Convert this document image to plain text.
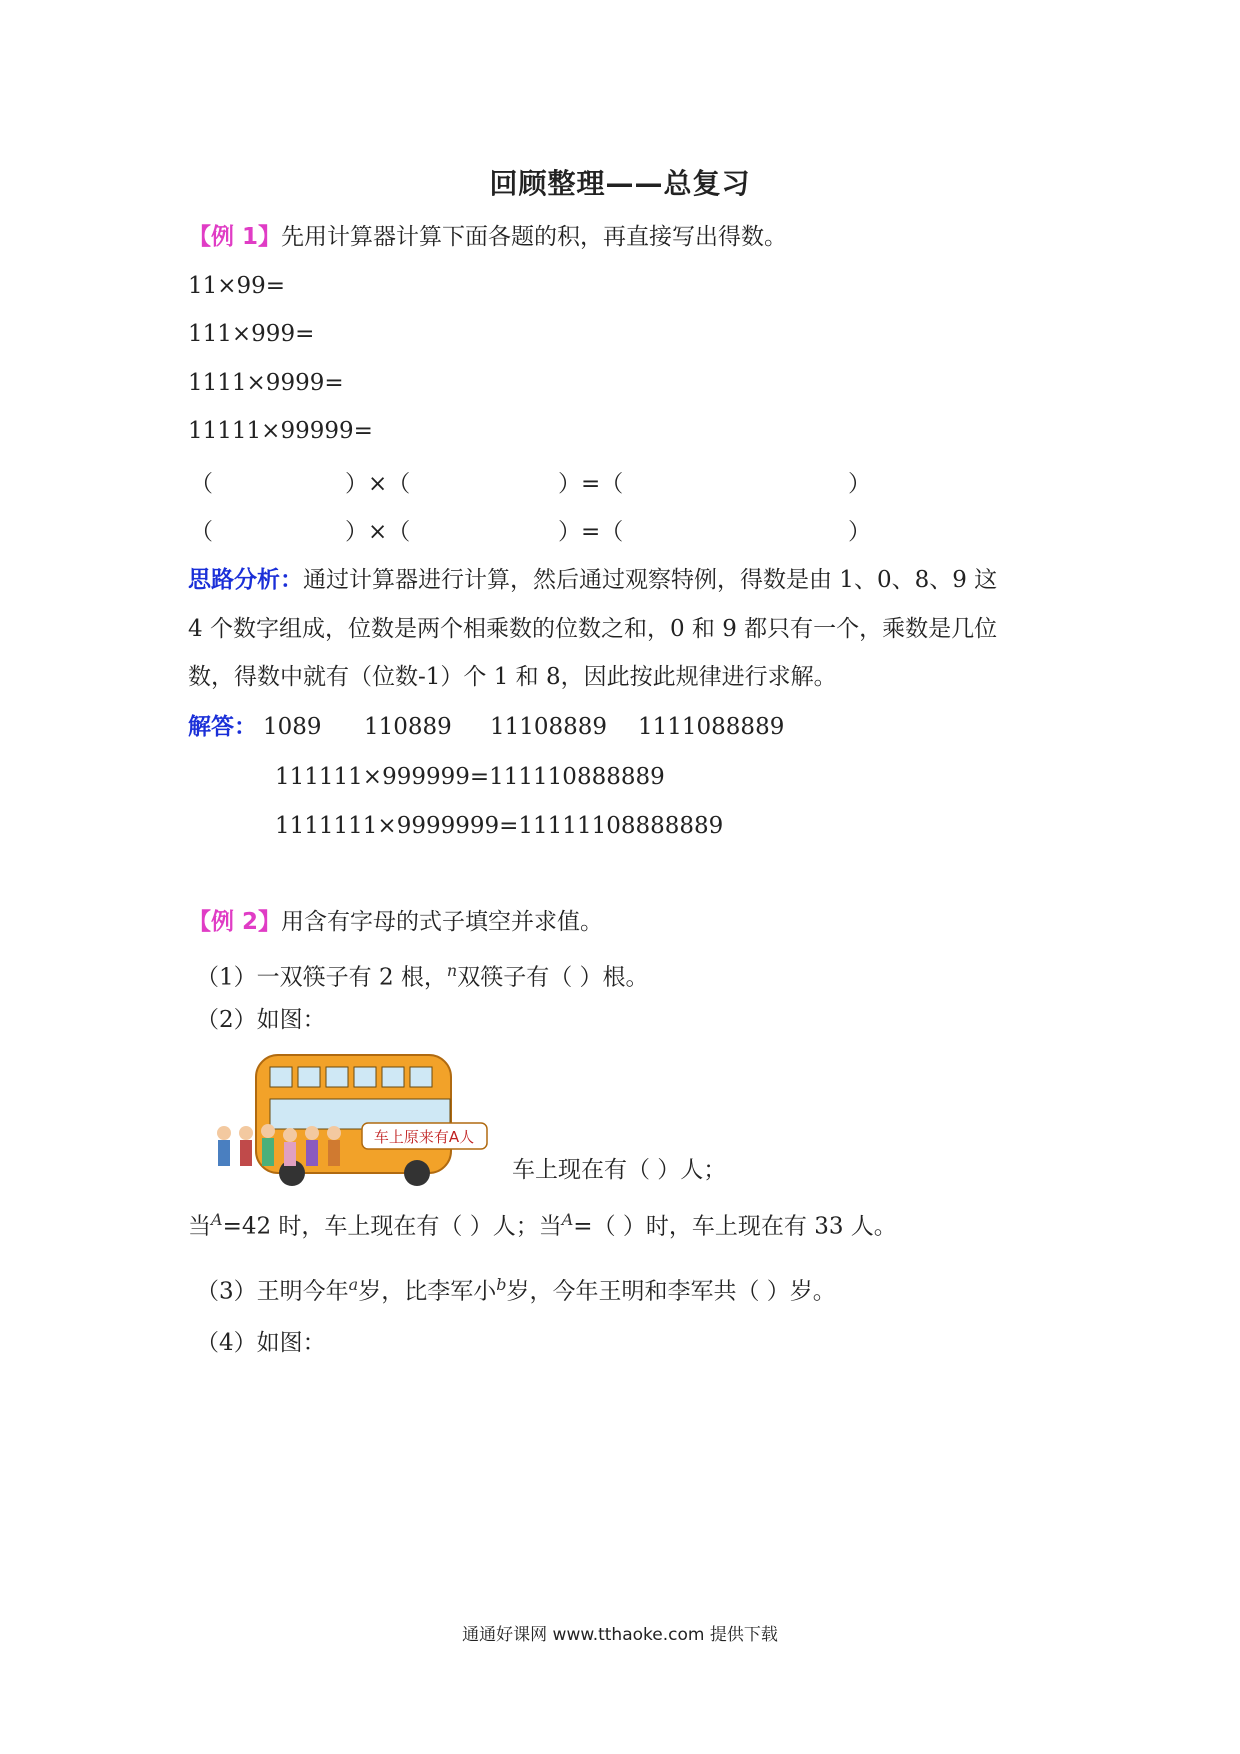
回顾整理——总复习
【例 1】先用计算器计算下面各题的积，再直接写出得数。
11×99=
111×999=
1111×9999=
11111×99999=
（	）×（	）=（	）
（	）×（	）=（	）
思路分析：通过计算器进行计算，然后通过观察特例，得数是由 1、0、8、9 这
4 个数字组成，位数是两个相乘数的位数之和，0 和 9 都只有一个，乘数是几位
数，得数中就有（位数-1）个 1 和 8，因此按此规律进行求解。
解答： 1089 110889 11108889 1111088889
111111×999999=111110888889
1111111×9999999=11111108888889
【例 2】用含有字母的式子填空并求值。
（1）一双筷子有 2 根，$^n$双筷子有（ ）根。
（2）如图：
车上原来有A人
车上现在有（ ）人；
当$^A$=42 时，车上现在有（ ）人；当$^A$=（ ）时，车上现在有 33 人。
（3）王明今年$^a$岁，比李军小$^b$岁，今年王明和李军共（ ）岁。
（4）如图：
通通好课网 www.tthaoke.com 提供下载
